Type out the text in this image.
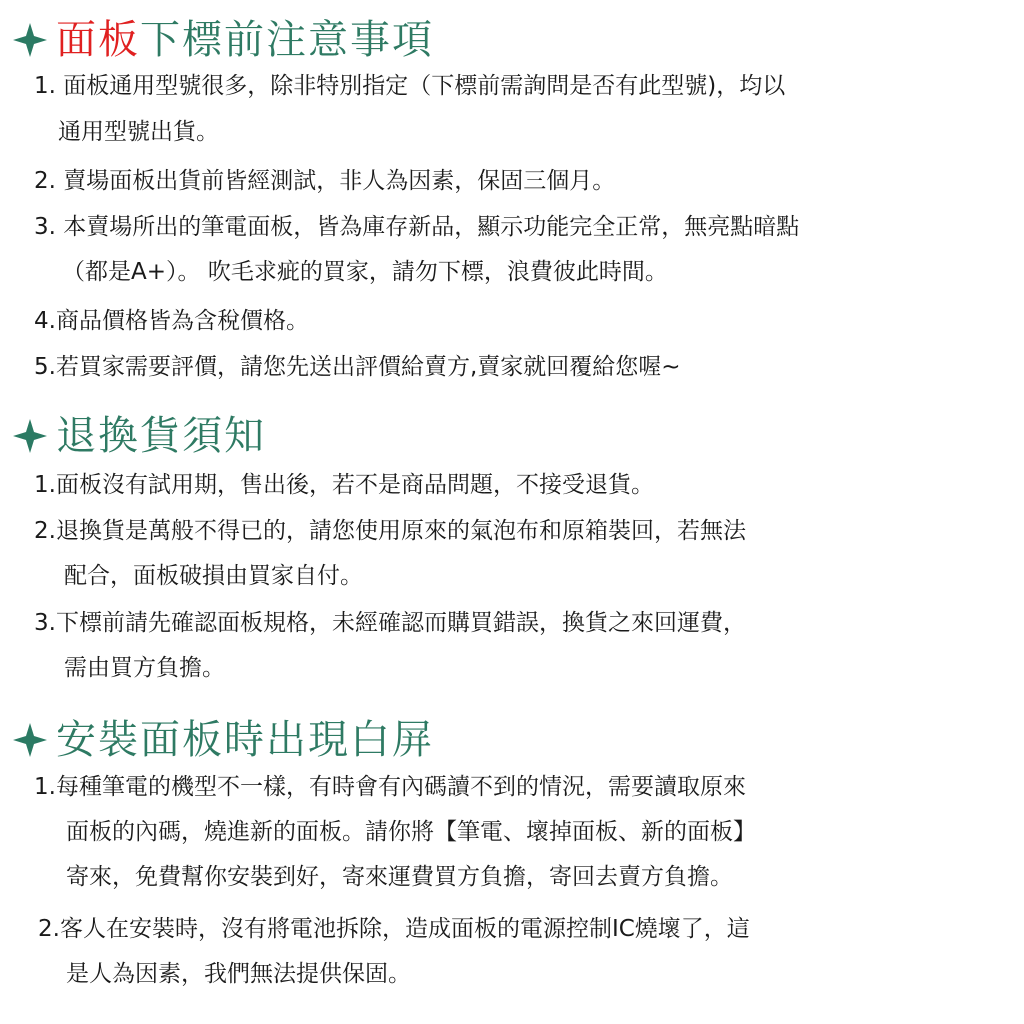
面板下標前注意事項
1. 面板通用型號很多，除非特別指定（下標前需詢問是否有此型號)，均以
通用型號出貨。
2. 賣場面板出貨前皆經測試，非人為因素，保固三個月。
3. 本賣場所出的筆電面板，皆為庫存新品，顯示功能完全正常，無亮點暗點
（都是A+）。 吹毛求疵的買家，請勿下標，浪費彼此時間。
4.商品價格皆為含稅價格。
5.若買家需要評價，請您先送出評價給賣方,賣家就回覆給您喔~
退換貨須知
1.面板沒有試用期，售出後，若不是商品問題，不接受退貨。
2.退換貨是萬般不得已的，請您使用原來的氣泡布和原箱裝回，若無法
配合，面板破損由買家自付。
3.下標前請先確認面板規格，未經確認而購買錯誤，換貨之來回運費，
需由買方負擔。
安裝面板時出現白屏
1.每種筆電的機型不一樣，有時會有內碼讀不到的情況，需要讀取原來
面板的內碼，燒進新的面板。請你將【筆電、壞掉面板、新的面板】
寄來，免費幫你安裝到好，寄來運費買方負擔，寄回去賣方負擔。
2.客人在安裝時，沒有將電池拆除，造成面板的電源控制IC燒壞了，這
是人為因素，我們無法提供保固。
